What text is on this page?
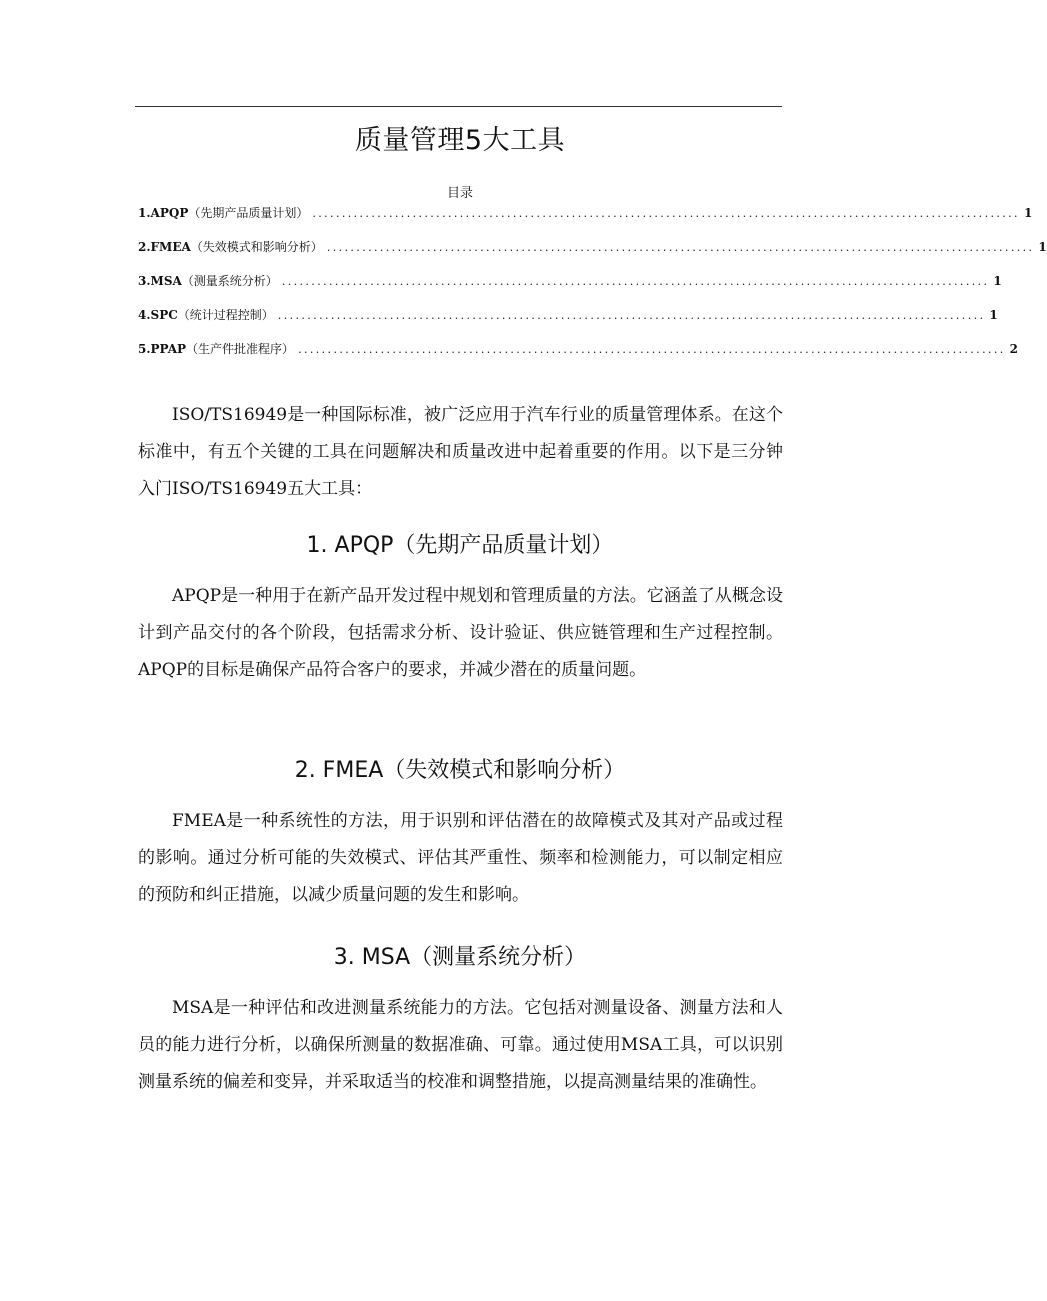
质量管理5大工具
目录
1. APQP（先期产品质量计划） ........................................................................................................................ 1
2. FMEA（失效模式和影响分析） ........................................................................................................................ 1
3. MSA（测量系统分析） ........................................................................................................................ 1
4. SPC（统计过程控制） ........................................................................................................................ 1
5. PPAP（生产件批准程序） ........................................................................................................................ 2

ISO/TS16949是一种国际标准，被广泛应用于汽车行业的质量管理体系。在这个标准中，有五个关键的工具在问题解决和质量改进中起着重要的作用。以下是三分钟入门ISO/TS16949五大工具：

1. APQP（先期产品质量计划）

APQP是一种用于在新产品开发过程中规划和管理质量的方法。它涵盖了从概念设计到产品交付的各个阶段，包括需求分析、设计验证、供应链管理和生产过程控制。APQP的目标是确保产品符合客户的要求，并减少潜在的质量问题。

2. FMEA（失效模式和影响分析）

FMEA是一种系统性的方法，用于识别和评估潜在的故障模式及其对产品或过程的影响。通过分析可能的失效模式、评估其严重性、频率和检测能力，可以制定相应的预防和纠正措施，以减少质量问题的发生和影响。

3. MSA（测量系统分析）

MSA是一种评估和改进测量系统能力的方法。它包括对测量设备、测量方法和人员的能力进行分析，以确保所测量的数据准确、可靠。通过使用MSA工具，可以识别测量系统的偏差和变异，并采取适当的校准和调整措施，以提高测量结果的准确性。
